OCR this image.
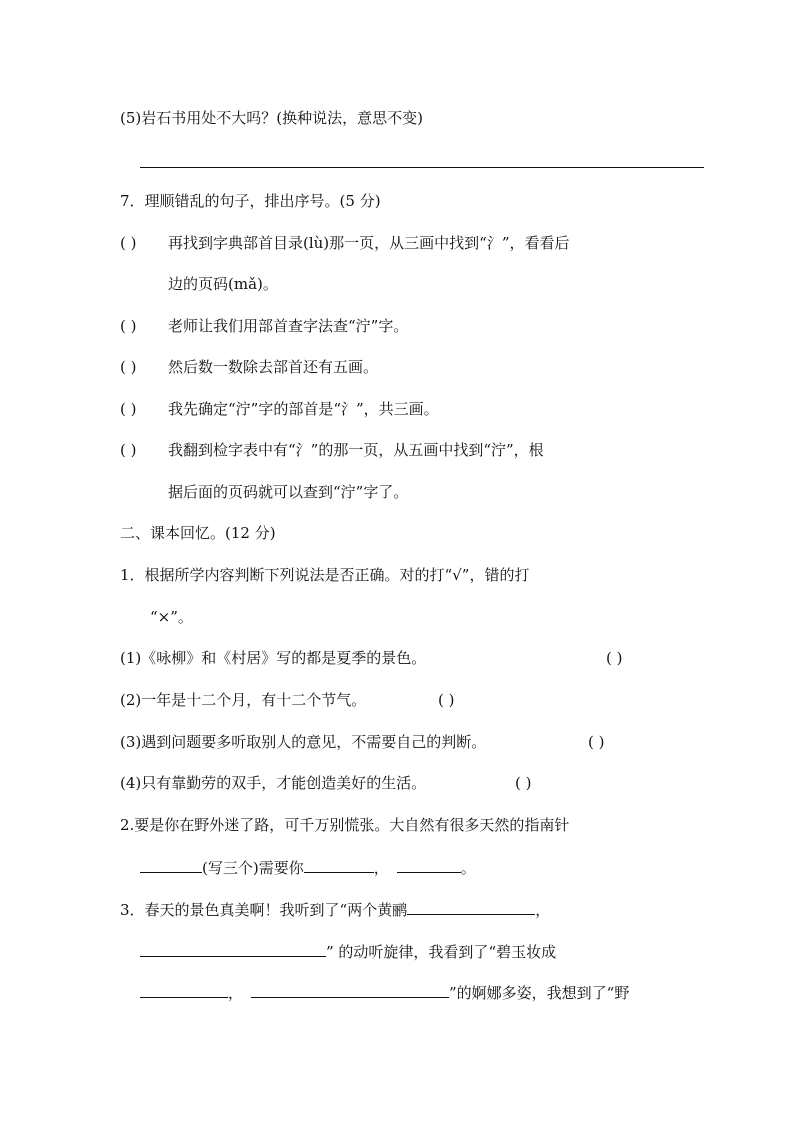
(5)岩石书用处不大吗？(换种说法，意思不变)
7．理顺错乱的句子，排出序号。(5 分)
( ) 再找到字典部首目录(lù)那一页，从三画中找到“氵”，看看后
边的页码(mǎ)。
( ) 老师让我们用部首查字法查“泞”字。
( ) 然后数一数除去部首还有五画。
( ) 我先确定“泞”字的部首是“氵”，共三画。
( ) 我翻到检字表中有“氵”的那一页，从五画中找到“泞”，根
据后面的页码就可以查到“泞”字了。
二、课本回忆。(12 分)
1．根据所学内容判断下列说法是否正确。对的打“√”，错的打
“×”。
(1)《咏柳》和《村居》写的都是夏季的景色。	( )
(2)一年是十二个月，有十二个节气。	( )
(3)遇到问题要多听取别人的意见，不需要自己的判断。	( )
(4)只有靠勤劳的双手，才能创造美好的生活。	( )
2.要是你在野外迷了路，可千万别慌张。大自然有很多天然的指南针
(写三个)需要你	，	。
3．春天的景色真美啊！我听到了“两个黄鹂	，
” 的动听旋律，我看到了“碧玉妆成
，	”的婀娜多姿，我想到了“野
